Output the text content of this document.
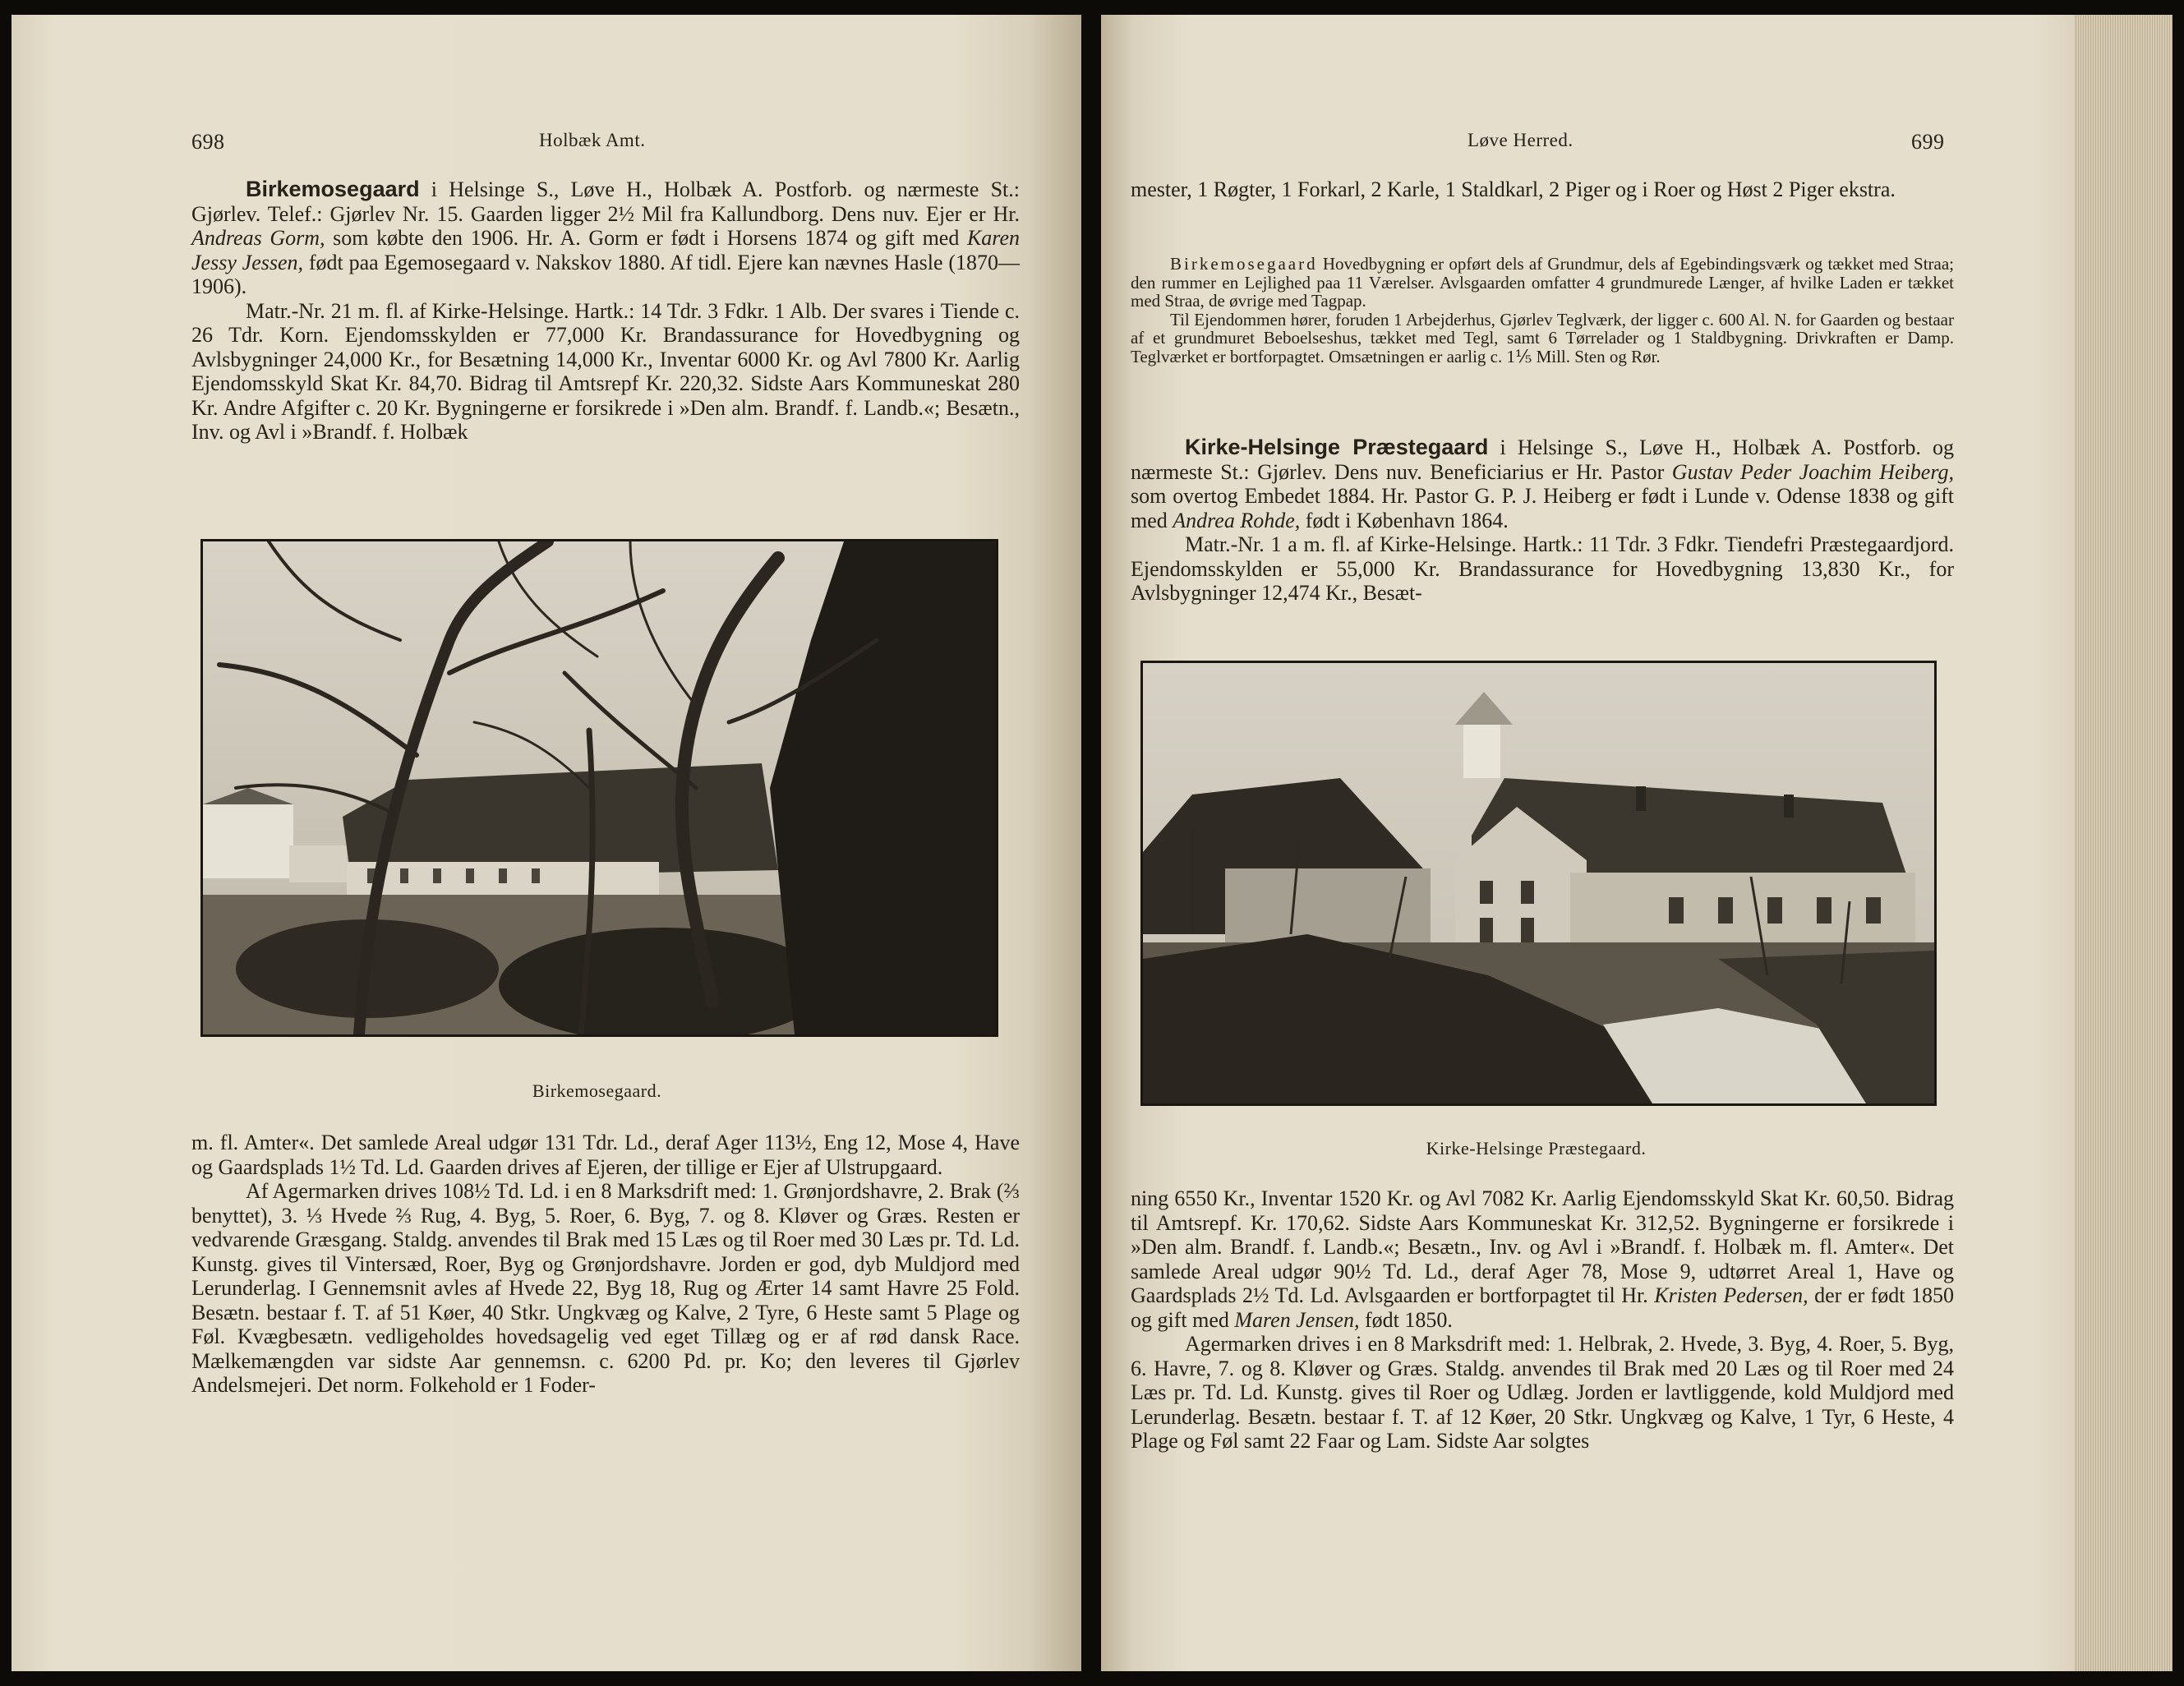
698	Holbæk Amt.

Birkemosegaard i Helsinge S., Løve H., Holbæk A. Postforb. og nærmeste St.: Gjørlev. Telef.: Gjørlev Nr. 15. Gaarden ligger 2½ Mil fra Kallundborg. Dens nuv. Ejer er Hr. Andreas Gorm, som købte den 1906. Hr. A. Gorm er født i Horsens 1874 og gift med Karen Jessy Jessen, født paa Egemosegaard v. Nakskov 1880. Af tidl. Ejere kan nævnes Hasle (1870—1906).

Matr.-Nr. 21 m. fl. af Kirke-Helsinge. Hartk.: 14 Tdr. 3 Fdkr. 1 Alb. Der svares i Tiende c. 26 Tdr. Korn. Ejendomsskylden er 77,000 Kr. Brandassurance for Hovedbygning og Avlsbygninger 24,000 Kr., for Besætning 14,000 Kr., Inventar 6000 Kr. og Avl 7800 Kr. Aarlig Ejendomsskyld Skat Kr. 84,70. Bidrag til Amtsrepf Kr. 220,32. Sidste Aars Kommuneskat 280 Kr. Andre Afgifter c. 20 Kr. Bygningerne er forsikrede i »Den alm. Brandf. f. Landb.«; Besætn., Inv. og Avl i »Brandf. f. Holbæk

Birkemosegaard.

m. fl. Amter«. Det samlede Areal udgør 131 Tdr. Ld., deraf Ager 113½, Eng 12, Mose 4, Have og Gaardsplads 1½ Td. Ld. Gaarden drives af Ejeren, der tillige er Ejer af Ulstrupgaard.

Af Agermarken drives 108½ Td. Ld. i en 8 Marksdrift med: 1. Grønjordshavre, 2. Brak (⅔ benyttet), 3. ⅓ Hvede ⅔ Rug, 4. Byg, 5. Roer, 6. Byg, 7. og 8. Kløver og Græs. Resten er vedvarende Græsgang. Staldg. anvendes til Brak med 15 Læs og til Roer med 30 Læs pr. Td. Ld. Kunstg. gives til Vintersæd, Roer, Byg og Grønjordshavre. Jorden er god, dyb Muldjord med Lerunderlag. I Gennemsnit avles af Hvede 22, Byg 18, Rug og Ærter 14 samt Havre 25 Fold. Besætn. bestaar f. T. af 51 Køer, 40 Stkr. Ungkvæg og Kalve, 2 Tyre, 6 Heste samt 5 Plage og Føl. Kvægbesætn. vedligeholdes hovedsagelig ved eget Tillæg og er af rød dansk Race. Mælkemængden var sidste Aar gennemsn. c. 6200 Pd. pr. Ko; den leveres til Gjørlev Andelsmejeri. Det norm. Folkehold er 1 Foder-

Løve Herred.	699

mester, 1 Røgter, 1 Forkarl, 2 Karle, 1 Staldkarl, 2 Piger og i Roer og Høst 2 Piger ekstra.

Birkemosegaard Hovedbygning er opført dels af Grundmur, dels af Egebindingsværk og tækket med Straa; den rummer en Lejlighed paa 11 Værelser. Avlsgaarden omfatter 4 grundmurede Længer, af hvilke Laden er tækket med Straa, de øvrige med Tagpap.

Til Ejendommen hører, foruden 1 Arbejderhus, Gjørlev Teglværk, der ligger c. 600 Al. N. for Gaarden og bestaar af et grundmuret Beboelseshus, tækket med Tegl, samt 6 Tørrelader og 1 Staldbygning. Drivkraften er Damp. Teglværket er bortforpagtet. Omsætningen er aarlig c. 1⅕ Mill. Sten og Rør.

Kirke-Helsinge Præstegaard i Helsinge S., Løve H., Holbæk A. Postforb. og nærmeste St.: Gjørlev. Dens nuv. Beneficiarius er Hr. Pastor Gustav Peder Joachim Heiberg, som overtog Embedet 1884. Hr. Pastor G. P. J. Heiberg er født i Lunde v. Odense 1838 og gift med Andrea Rohde, født i København 1864.

Matr.-Nr. 1 a m. fl. af Kirke-Helsinge. Hartk.: 11 Tdr. 3 Fdkr. Tiendefri Præstegaardjord. Ejendomsskylden er 55,000 Kr. Brandassurance for Hovedbygning 13,830 Kr., for Avlsbygninger 12,474 Kr., Besæt-

Kirke-Helsinge Præstegaard.

ning 6550 Kr., Inventar 1520 Kr. og Avl 7082 Kr. Aarlig Ejendomsskyld Skat Kr. 60,50. Bidrag til Amtsrepf. Kr. 170,62. Sidste Aars Kommuneskat Kr. 312,52. Bygningerne er forsikrede i »Den alm. Brandf. f. Landb.«; Besætn., Inv. og Avl i »Brandf. f. Holbæk m. fl. Amter«. Det samlede Areal udgør 90½ Td. Ld., deraf Ager 78, Mose 9, udtørret Areal 1, Have og Gaardsplads 2½ Td. Ld. Avlsgaarden er bortforpagtet til Hr. Kristen Pedersen, der er født 1850 og gift med Maren Jensen, født 1850.

Agermarken drives i en 8 Marksdrift med: 1. Helbrak, 2. Hvede, 3. Byg, 4. Roer, 5. Byg, 6. Havre, 7. og 8. Kløver og Græs. Staldg. anvendes til Brak med 20 Læs og til Roer med 24 Læs pr. Td. Ld. Kunstg. gives til Roer og Udlæg. Jorden er lavtliggende, kold Muldjord med Lerunderlag. Besætn. bestaar f. T. af 12 Køer, 20 Stkr. Ungkvæg og Kalve, 1 Tyr, 6 Heste, 4 Plage og Føl samt 22 Faar og Lam. Sidste Aar solgtes
